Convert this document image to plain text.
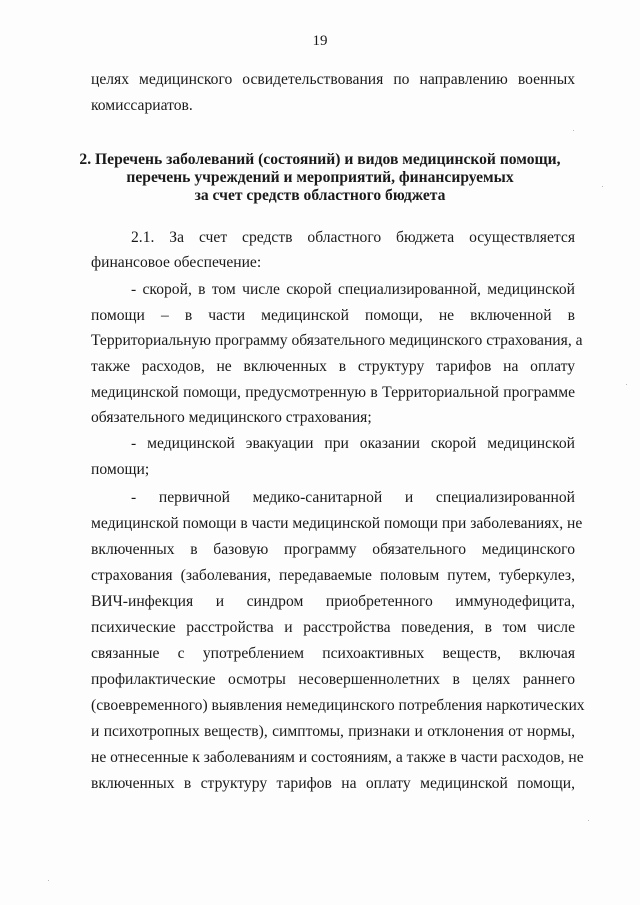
19
целях медицинского освидетельствования по направлению военных
комиссариатов.
2. Перечень заболеваний (состояний) и видов медицинской помощи,
перечень учреждений и мероприятий, финансируемых
за счет средств областного бюджета
2.1. За счет средств областного бюджета осуществляется
финансовое обеспечение:
- скорой, в том числе скорой специализированной, медицинской
помощи – в части медицинской помощи, не включенной в
Территориальную программу обязательного медицинского страхования, а
также расходов, не включенных в структуру тарифов на оплату
медицинской помощи, предусмотренную в Территориальной программе
обязательного медицинского страхования;
- медицинской эвакуации при оказании скорой медицинской
помощи;
- первичной медико-санитарной и специализированной
медицинской помощи в части медицинской помощи при заболеваниях, не
включенных в базовую программу обязательного медицинского
страхования (заболевания, передаваемые половым путем, туберкулез,
ВИЧ-инфекция и синдром приобретенного иммунодефицита,
психические расстройства и расстройства поведения, в том числе
связанные с употреблением психоактивных веществ, включая
профилактические осмотры несовершеннолетних в целях раннего
(своевременного) выявления немедицинского потребления наркотических
и психотропных веществ), симптомы, признаки и отклонения от нормы,
не отнесенные к заболеваниям и состояниям, а также в части расходов, не
включенных в структуру тарифов на оплату медицинской помощи,
